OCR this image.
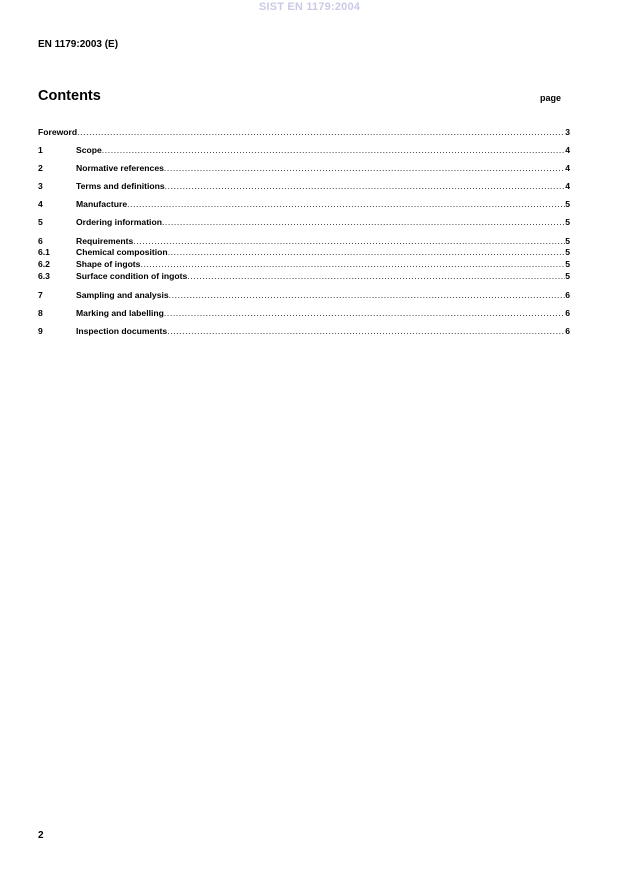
SIST EN 1179:2004
EN 1179:2003 (E)
Contents	page
Foreword .....	3
1	Scope .....	4
2	Normative references .....	4
3	Terms and definitions .....	4
4	Manufacture .....	5
5	Ordering information .....	5
6	Requirements .....	5
6.1	Chemical composition .....	5
6.2	Shape of ingots .....	5
6.3	Surface condition of ingots .....	5
7	Sampling and analysis .....	6
8	Marking and labelling .....	6
9	Inspection documents .....	6
2
